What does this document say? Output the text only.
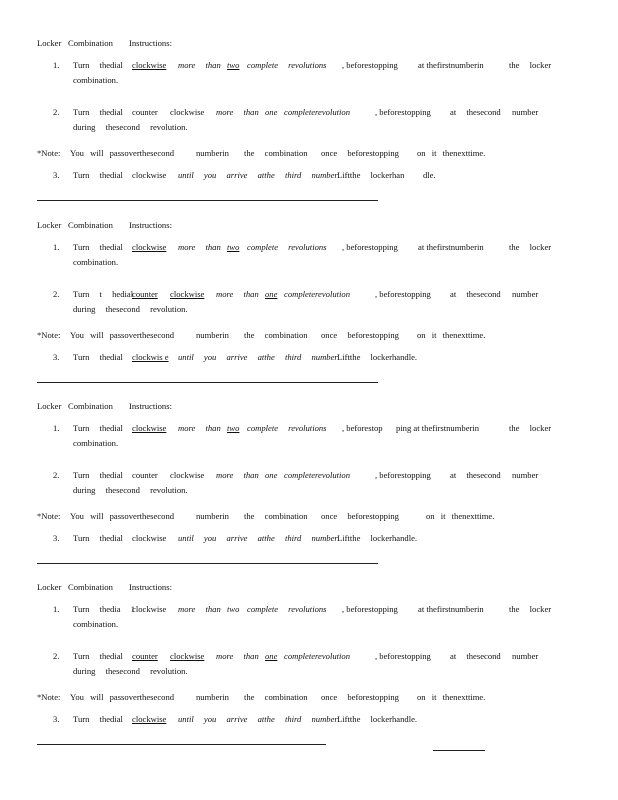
Locker Combination Instructions:
1. Turn thedial clockwise	more than two complete revolutions , beforestopping at thefirstnumberin	the locker
combination.
2. Turn thedial counter clockwise more than one completerevolution	, beforestopping at thesecond number
during thesecond revolution.
*Note: You will passoverthesecond	numberin the combination once beforestopping on it thenexttime.
3. Turn thedial clockwise until you arrive atthe third number Liftthe lockerhan dle.
Locker Combination Instructions:
1. Turn thedial clockwise	more than two complete revolutions , beforestopping at thefirstnumberin	the locker
combination.
2. Turn t hedial
counter	clockwise	more than one completerevolution	, beforestopping at thesecond number
during thesecond revolution.
*Note: You will passoverthesecond	numberin the combination once beforestopping on it thenexttime.
3. Turn thedial clockwis e	until you arrive atthe third number Liftthe lockerhandle.
Locker Combination Instructions:
1. Turn thedial clockwise	more than two complete revolutions , beforestop ping at thefirstnumberin	the locker
combination.
2. Turn thedial counter clockwise more than one completerevolution	, beforestopping at thesecond number
during thesecond revolution.
*Note: You will passoverthesecond	numberin the combination once beforestopping	on it thenexttime.
3. Turn thedial clockwise until you arrive atthe third number Liftthe lockerhandle.
Locker Combination Instructions:
1. Turn thedia 1
clockwise more than two complete revolutions , beforestopping at thefirstnumberin	the locker
combination.
2. Turn thedial counter	clockwise	more than one completerevolution	, beforestopping at thesecond number
during thesecond revolution.
*Note: You will passoverthesecond	numberin the combination once beforestopping on it thenexttime.
3. Turn thedial clockwise	until you arrive atthe third number Liftthe lockerhandle.
